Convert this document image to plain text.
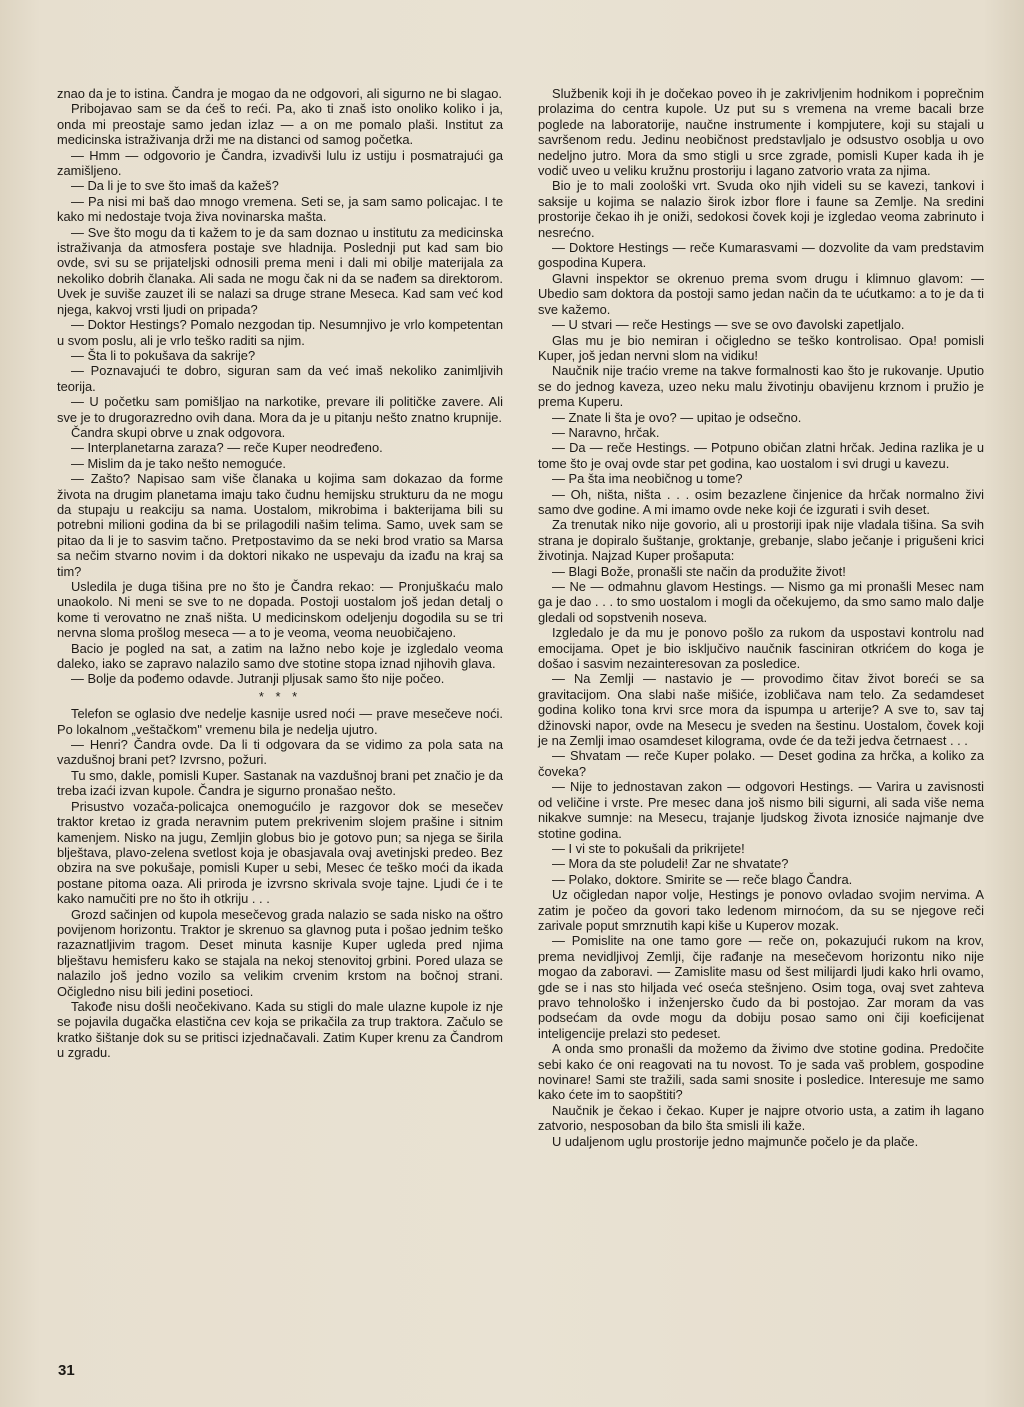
znao da je to istina. Čandra je mogao da ne odgovori, ali sigurno ne bi slagao.

Pribojavao sam se da ćeš to reći. Pa, ako ti znaš isto onoliko koliko i ja, onda mi preostaje samo jedan izlaz — a on me pomalo plaši. Institut za medicinska istraživanja drži me na distanci od samog početka.

— Hmm — odgovorio je Čandra, izvadivši lulu iz ustiju i posmatrajući ga zamišljeno.

— Da li je to sve što imaš da kažeš?

— Pa nisi mi baš dao mnogo vremena. Seti se, ja sam samo policajac. I te kako mi nedostaje tvoja živa novinarska mašta.

— Sve što mogu da ti kažem to je da sam doznao u institutu za medicinska istraživanja da atmosfera postaje sve hladnija. Poslednji put kad sam bio ovde, svi su se prijateljski odnosili prema meni i dali mi obilje materijala za nekoliko dobrih članaka. Ali sada ne mogu čak ni da se nađem sa direktorom. Uvek je suviše zauzet ili se nalazi sa druge strane Meseca. Kad sam već kod njega, kakvoj vrsti ljudi on pripada?

— Doktor Hestings? Pomalo nezgodan tip. Nesumnjivo je vrlo kompetentan u svom poslu, ali je vrlo teško raditi sa njim.

— Šta li to pokušava da sakrije?

— Poznavajući te dobro, siguran sam da već imaš nekoliko zanimljivih teorija.

— U početku sam pomišljao na narkotike, prevare ili političke zavere. Ali sve je to drugorazredno ovih dana. Mora da je u pitanju nešto znatno krupnije.

Čandra skupi obrve u znak odgovora.

— Interplanetarna zaraza? — reče Kuper neodređeno.

— Mislim da je tako nešto nemoguće.

— Zašto? Napisao sam više članaka u kojima sam dokazao da forme života na drugim planetama imaju tako čudnu hemijsku strukturu da ne mogu da stupaju u reakciju sa nama. Uostalom, mikrobima i bakterijama bili su potrebni milioni godina da bi se prilagodili našim telima. Samo, uvek sam se pitao da li je to sasvim tačno. Pretpostavimo da se neki brod vratio sa Marsa sa nečim stvarno novim i da doktori nikako ne uspevaju da izađu na kraj sa tim?

Usledila je duga tišina pre no što je Čandra rekao: — Pronjuškaću malo unaokolo. Ni meni se sve to ne dopada. Postoji uostalom još jedan detalj o kome ti verovatno ne znaš ništa. U medicinskom odeljenju dogodila su se tri nervna sloma prošlog meseca — a to je veoma, veoma neuobičajeno.

Bacio je pogled na sat, a zatim na lažno nebo koje je izgledalo veoma daleko, iako se zapravo nalazilo samo dve stotine stopa iznad njihovih glava.

— Bolje da pođemo odavde. Jutranji pljusak samo što nije počeo.

* * *

Telefon se oglasio dve nedelje kasnije usred noći — prave mesečeve noći. Po lokalnom „veštačkom" vremenu bila je nedelja ujutro.

— Henri? Čandra ovde. Da li ti odgovara da se vidimo za pola sata na vazdušnoj brani pet? Izvrsno, požuri.

Tu smo, dakle, pomisli Kuper. Sastanak na vazdušnoj brani pet značio je da treba izaći izvan kupole. Čandra je sigurno pronašao nešto.

Prisustvo vozača-policajca onemogućilo je razgovor dok se mesečev traktor kretao iz grada neravnim putem prekrivenim slojem prašine i sitnim kamenjem. Nisko na jugu, Zemljin globus bio je gotovo pun; sa njega se širila blještava, plavo-zelena svetlost koja je obasjavala ovaj avetinjski predeo. Bez obzira na sve pokušaje, pomisli Kuper u sebi, Mesec će teško moći da ikada postane pitoma oaza. Ali priroda je izvrsno skrivala svoje tajne. Ljudi će i te kako namučiti pre no što ih otkriju . . .

Grozd sačinjen od kupola mesečevog grada nalazio se sada nisko na oštro povijenom horizontu. Traktor je skrenuo sa glavnog puta i pošao jednim teško razaznatljivim tragom. Deset minuta kasnije Kuper ugleda pred njima blještavu hemisferu kako se stajala na nekoj stenovitoj grbini. Pored ulaza se nalazilo još jedno vozilo sa velikim crvenim krstom na bočnoj strani. Očigledno nisu bili jedini posetioci.

Takođe nisu došli neočekivano. Kada su stigli do male ulazne kupole iz nje se pojavila dugačka elastična cev koja se prikačila za trup traktora. Začulo se kratko šištanje dok su se pritisci izjednačavali. Zatim Kuper krenu za Čandrom u zgradu.

Službenik koji ih je dočekao poveo ih je zakrivljenim hodnikom i poprečnim prolazima do centra kupole. Uz put su s vremena na vreme bacali brze poglede na laboratorije, naučne instrumente i kompjutere, koji su stajali u savršenom redu. Jedinu neobičnost predstavljalo je odsustvo osoblja u ovo nedeljno jutro. Mora da smo stigli u srce zgrade, pomisli Kuper kada ih je vodič uveo u veliku kružnu prostoriju i lagano zatvorio vrata za njima.

Bio je to mali zoološki vrt. Svuda oko njih videli su se kavezi, tankovi i saksije u kojima se nalazio širok izbor flore i faune sa Zemlje. Na sredini prostorije čekao ih je oniži, sedokosi čovek koji je izgledao veoma zabrinuto i nesrećno.

— Doktore Hestings — reče Kumarasvami — dozvolite da vam predstavim gospodina Kupera.

Glavni inspektor se okrenuo prema svom drugu i klimnuo glavom: — Ubedio sam doktora da postoji samo jedan način da te ućutkamo: a to je da ti sve kažemo.

— U stvari — reče Hestings — sve se ovo đavolski zapetljalo.

Glas mu je bio nemiran i očigledno se teško kontrolisao. Opa! pomisli Kuper, još jedan nervni slom na vidiku!

Naučnik nije traćio vreme na takve formalnosti kao što je rukovanje. Uputio se do jednog kaveza, uzeo neku malu životinju obavijenu krznom i pružio je prema Kuperu.

— Znate li šta je ovo? — upitao je odsečno.

— Naravno, hrčak.

— Da — reče Hestings. — Potpuno običan zlatni hrčak. Jedina razlika je u tome što je ovaj ovde star pet godina, kao uostalom i svi drugi u kavezu.

— Pa šta ima neobičnog u tome?

— Oh, ništa, ništa . . . osim bezazlene činjenice da hrčak normalno živi samo dve godine. A mi imamo ovde neke koji će izgurati i svih deset.

Za trenutak niko nije govorio, ali u prostoriji ipak nije vladala tišina. Sa svih strana je dopiralo šuštanje, groktanje, grebanje, slabo ječanje i prigušeni krici životinja. Najzad Kuper prošaputa:

— Blagi Bože, pronašli ste način da produžite život!

— Ne — odmahnu glavom Hestings. — Nismo ga mi pronašli Mesec nam ga je dao . . . to smo uostalom i mogli da očekujemo, da smo samo malo dalje gledali od sopstvenih noseva.

Izgledalo je da mu je ponovo pošlo za rukom da uspostavi kontrolu nad emocijama. Opet je bio isključivo naučnik fasciniran otkrićem do koga je došao i sasvim nezainteresovan za posledice.

— Na Zemlji — nastavio je — provodimo čitav život boreći se sa gravitacijom. Ona slabi naše mišiće, izobličava nam telo. Za sedamdeset godina koliko tona krvi srce mora da ispumpa u arterije? A sve to, sav taj džinovski napor, ovde na Mesecu je sveden na šestinu. Uostalom, čovek koji je na Zemlji imao osamdeset kilograma, ovde će da teži jedva četrnaest . . .

— Shvatam — reče Kuper polako. — Deset godina za hrčka, a koliko za čoveka?

— Nije to jednostavan zakon — odgovori Hestings. — Varira u zavisnosti od veličine i vrste. Pre mesec dana još nismo bili sigurni, ali sada više nema nikakve sumnje: na Mesecu, trajanje ljudskog života iznosiće najmanje dve stotine godina.

— I vi ste to pokušali da prikrijete!

— Mora da ste poludeli! Zar ne shvatate?

— Polako, doktore. Smirite se — reče blago Čandra.

Uz očigledan napor volje, Hestings je ponovo ovladao svojim nervima. A zatim je počeo da govori tako ledenom mirnoćom, da su se njegove reči zarivale poput smrznutih kapi kiše u Kuperov mozak.

— Pomislite na one tamo gore — reče on, pokazujući rukom na krov, prema nevidljivoj Zemlji, čije rađanje na mesečevom horizontu niko nije mogao da zaboravi. — Zamislite masu od šest milijardi ljudi kako hrli ovamo, gde se i nas sto hiljada već oseća stešnjeno. Osim toga, ovaj svet zahteva pravo tehnološko i inženjersko čudo da bi postojao. Zar moram da vas podsećam da ovde mogu da dobiju posao samo oni čiji koeficijenat inteligencije prelazi sto pedeset.

A onda smo pronašli da možemo da živimo dve stotine godina. Predočite sebi kako će oni reagovati na tu novost. To je sada vaš problem, gospodine novinare! Sami ste tražili, sada sami snosite i posledice. Interesuje me samo kako ćete im to saopštiti?

Naučnik je čekao i čekao. Kuper je najpre otvorio usta, a zatim ih lagano zatvorio, nesposoban da bilo šta smisli ili kaže.

U udaljenom uglu prostorije jedno majmunče počelo je da plače.

31
